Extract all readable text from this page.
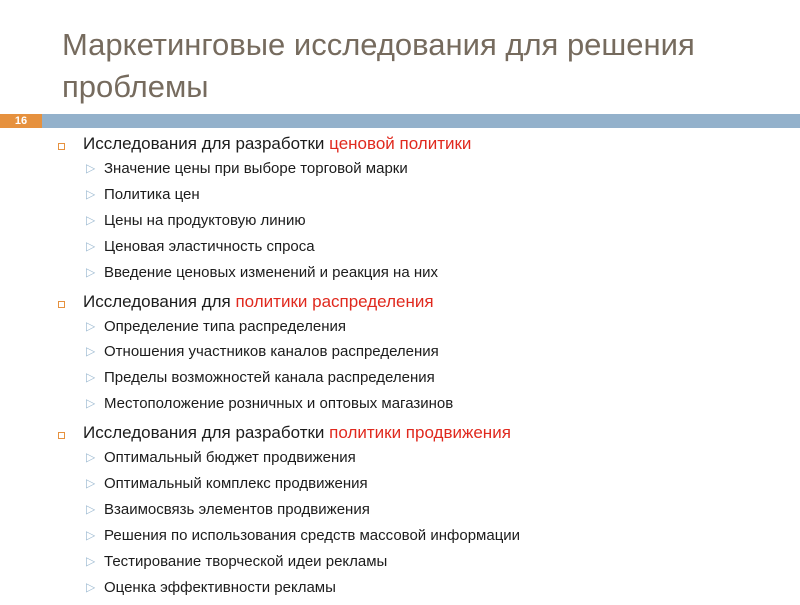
Маркетинговые исследования для решения проблемы
16
Исследования для разработки ценовой политики
▷ Значение цены при выборе торговой марки
▷ Политика цен
▷ Цены на продуктовую линию
▷ Ценовая эластичность спроса
▷ Введение ценовых изменений и реакция на них
Исследования для политики распределения
▷ Определение типа распределения
▷ Отношения участников каналов распределения
▷ Пределы возможностей канала распределения
▷ Местоположение розничных и оптовых магазинов
Исследования для разработки политики продвижения
▷ Оптимальный бюджет продвижения
▷ Оптимальный комплекс продвижения
▷ Взаимосвязь элементов продвижения
▷ Решения по использования средств массовой информации
▷ Тестирование творческой идеи рекламы
▷ Оценка эффективности рекламы
